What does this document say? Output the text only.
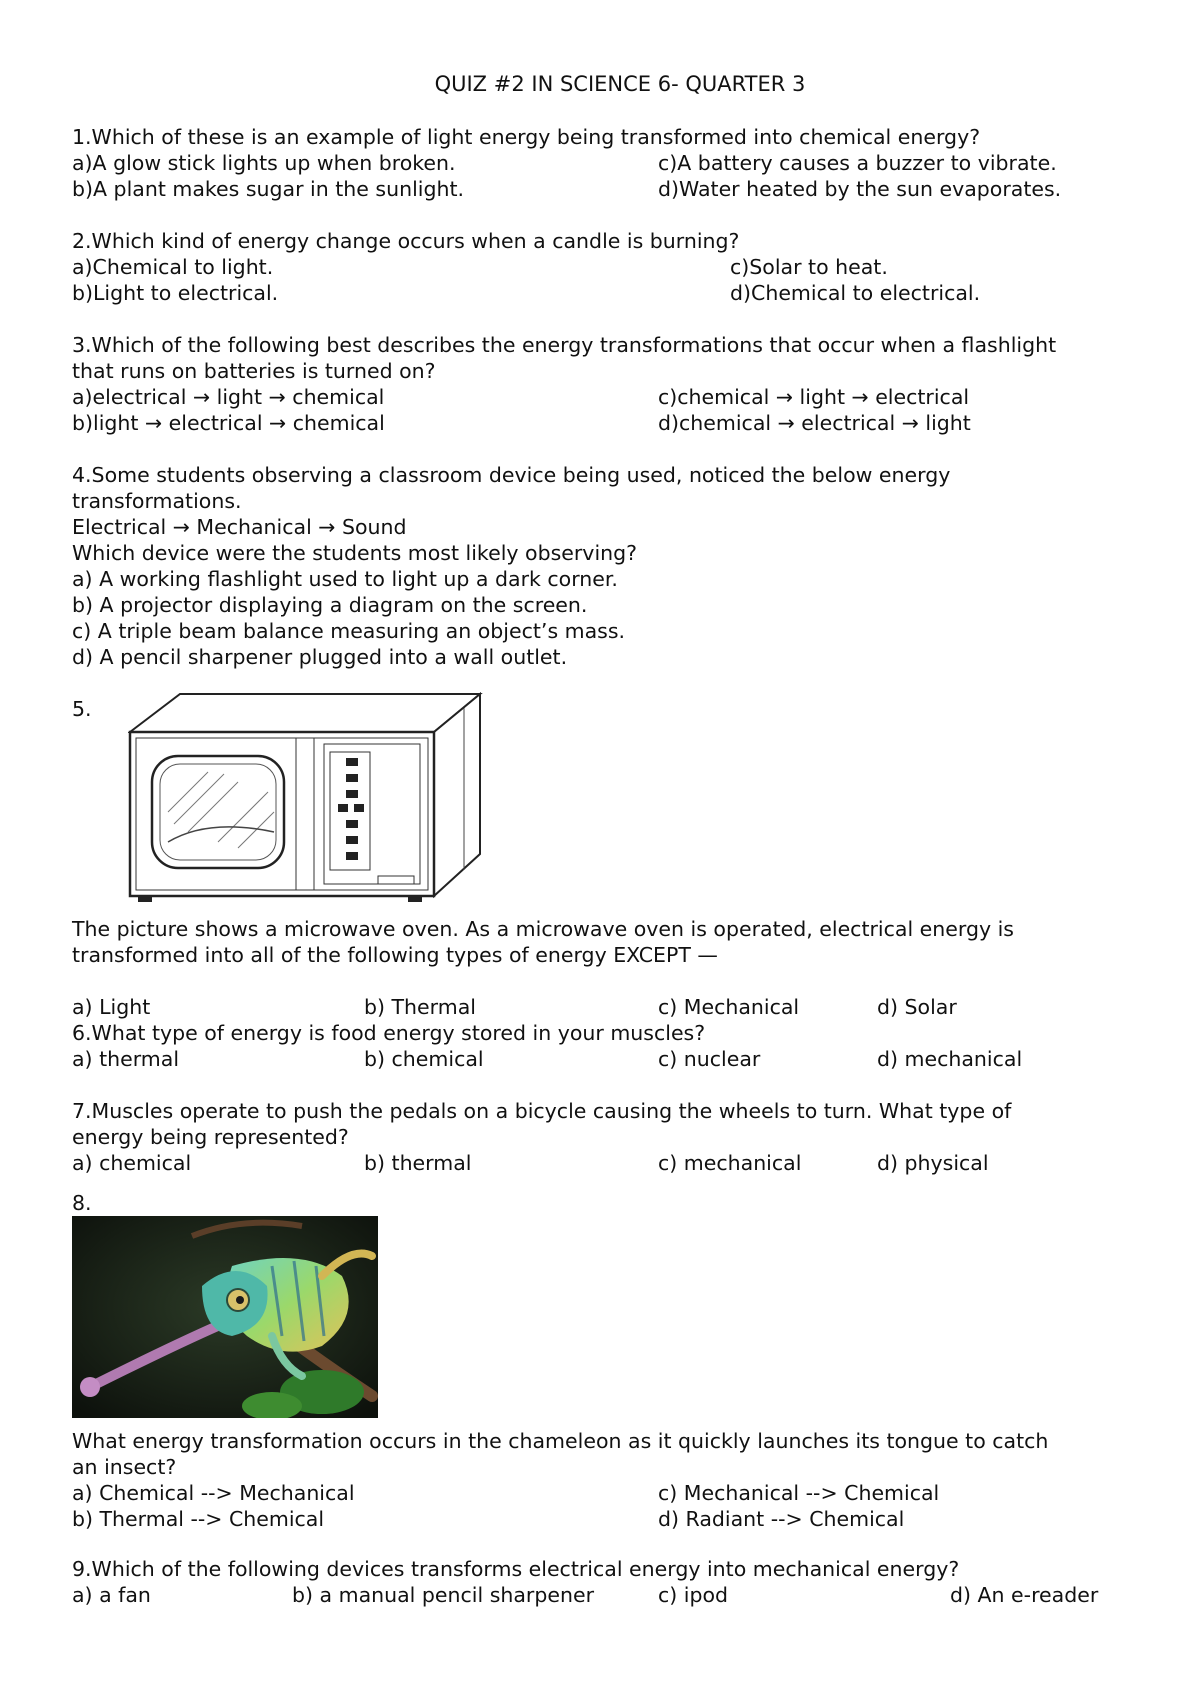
QUIZ #2 IN SCIENCE 6- QUARTER 3
1.Which of these is an example of light energy being transformed into chemical energy?
a)A glow stick lights up when broken.	c)A battery causes a buzzer to vibrate.
b)A plant makes sugar in the sunlight.	d)Water heated by the sun evaporates.
2.Which kind of energy change occurs when a candle is burning?
a)Chemical to light.	c)Solar to heat.
b)Light to electrical.	d)Chemical to electrical.
3.Which of the following best describes the energy transformations that occur when a flashlight
that runs on batteries is turned on?
a)electrical → light → chemical	c)chemical → light → electrical
b)light → electrical → chemical	d)chemical → electrical → light
4.Some students observing a classroom device being used, noticed the below energy
transformations.
Electrical → Mechanical → Sound
Which device were the students most likely observing?
a) A working flashlight used to light up a dark corner.
b) A projector displaying a diagram on the screen.
c) A triple beam balance measuring an object’s mass.
d) A pencil sharpener plugged into a wall outlet.
5.
The picture shows a microwave oven. As a microwave oven is operated, electrical energy is
transformed into all of the following types of energy EXCEPT —
a) Light	b) Thermal	c) Mechanical	d) Solar
6.What type of energy is food energy stored in your muscles?
a) thermal	b) chemical	c) nuclear	d) mechanical
7.Muscles operate to push the pedals on a bicycle causing the wheels to turn. What type of
energy being represented?
a) chemical	b) thermal	c) mechanical	d) physical
8.
What energy transformation occurs in the chameleon as it quickly launches its tongue to catch
an insect?
a) Chemical --> Mechanical	c) Mechanical --> Chemical
b) Thermal --> Chemical	d) Radiant --> Chemical
9.Which of the following devices transforms electrical energy into mechanical energy?
a) a fan	b) a manual pencil sharpener	c) ipod	d) An e-reader
